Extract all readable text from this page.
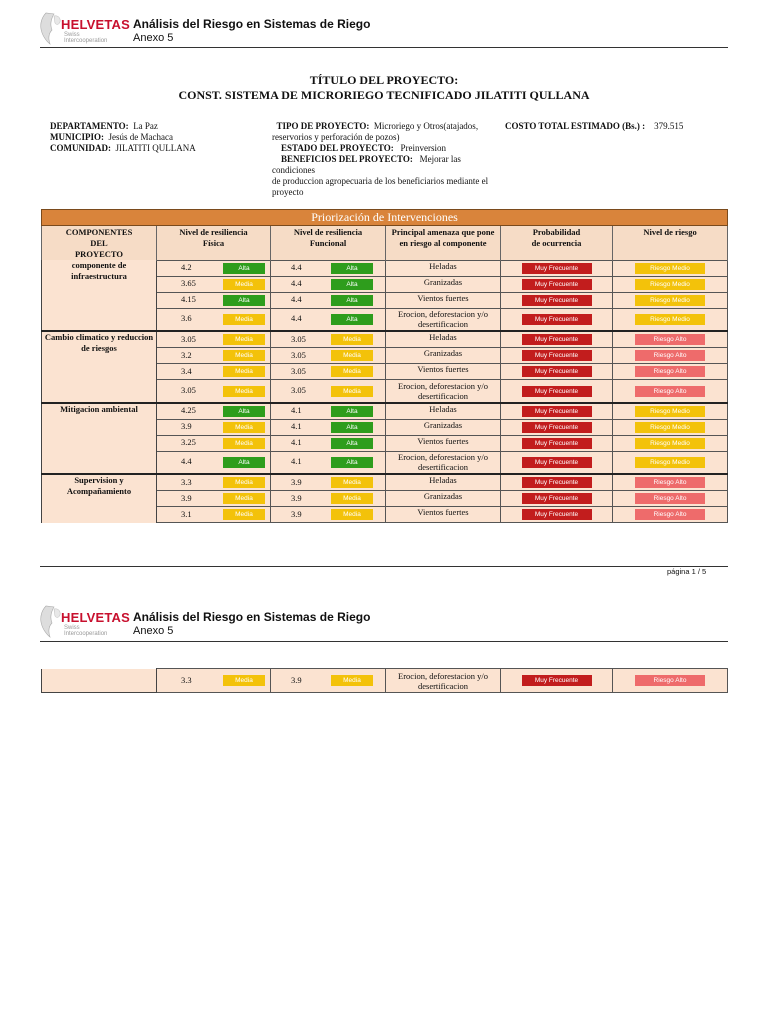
HELVETAS
Swiss Intercooperation
Análisis del Riesgo en Sistemas de Riego
Anexo 5
TÍTULO DEL PROYECTO:
CONST. SISTEMA DE MICRORIEGO TECNIFICADO JILATITI QULLANA
DEPARTAMENTO: La Paz
MUNICIPIO: Jesús de Machaca
COMUNIDAD: JILATITI QULLANA
TIPO DE PROYECTO: Microriego y Otros(atajados,
reservorios y perforación de pozos)
ESTADO DEL PROYECTO: Preinversion
BENEFICIOS DEL PROYECTO: Mejorar las condiciones
de produccion agropecuaria de los beneficiarios mediante el
proyecto
COSTO TOTAL ESTIMADO (Bs.) : 379.515
Priorización de Intervenciones					
COMPONENTES
DEL
PROYECTO	Nivel de resiliencia
Física	Nivel de resiliencia
Funcional	Principal amenaza que pone
en riesgo al componente	Probabilidad
de ocurrencia	Nivel de riesgo
componente de
infraestructura	4.2 Alta	4.4 Alta	Heladas	Muy Frecuente	Riesgo Medio
	3.65 Media	4.4 Alta	Granizadas	Muy Frecuente	Riesgo Medio
	4.15 Alta	4.4 Alta	Vientos fuertes	Muy Frecuente	Riesgo Medio
	3.6 Media	4.4 Alta	Erocion, deforestacion y/o
desertificacion	Muy Frecuente	Riesgo Medio
Cambio climatico y reduccion
de riesgos	3.05 Media	3.05 Media	Heladas	Muy Frecuente	Riesgo Alto
	3.2 Media	3.05 Media	Granizadas	Muy Frecuente	Riesgo Alto
	3.4 Media	3.05 Media	Vientos fuertes	Muy Frecuente	Riesgo Alto
	3.05 Media	3.05 Media	Erocion, deforestacion y/o
desertificacion	Muy Frecuente	Riesgo Alto
Mitigacion ambiental	4.25 Alta	4.1 Alta	Heladas	Muy Frecuente	Riesgo Medio
	3.9 Media	4.1 Alta	Granizadas	Muy Frecuente	Riesgo Medio
	3.25 Media	4.1 Alta	Vientos fuertes	Muy Frecuente	Riesgo Medio
	4.4 Alta	4.1 Alta	Erocion, deforestacion y/o
desertificacion	Muy Frecuente	Riesgo Medio
Supervision y
Acompañamiento	3.3 Media	3.9 Media	Heladas	Muy Frecuente	Riesgo Alto
	3.9 Media	3.9 Media	Granizadas	Muy Frecuente	Riesgo Alto
	3.1 Media	3.9 Media	Vientos fuertes	Muy Frecuente	Riesgo Alto
página 1 / 5
HELVETAS
Swiss Intercooperation
Análisis del Riesgo en Sistemas de Riego
Anexo 5
	3.3	Media	3.9	Media	Erocion, deforestacion y/o
desertificacion	Muy Frecuente	Riesgo Alto
